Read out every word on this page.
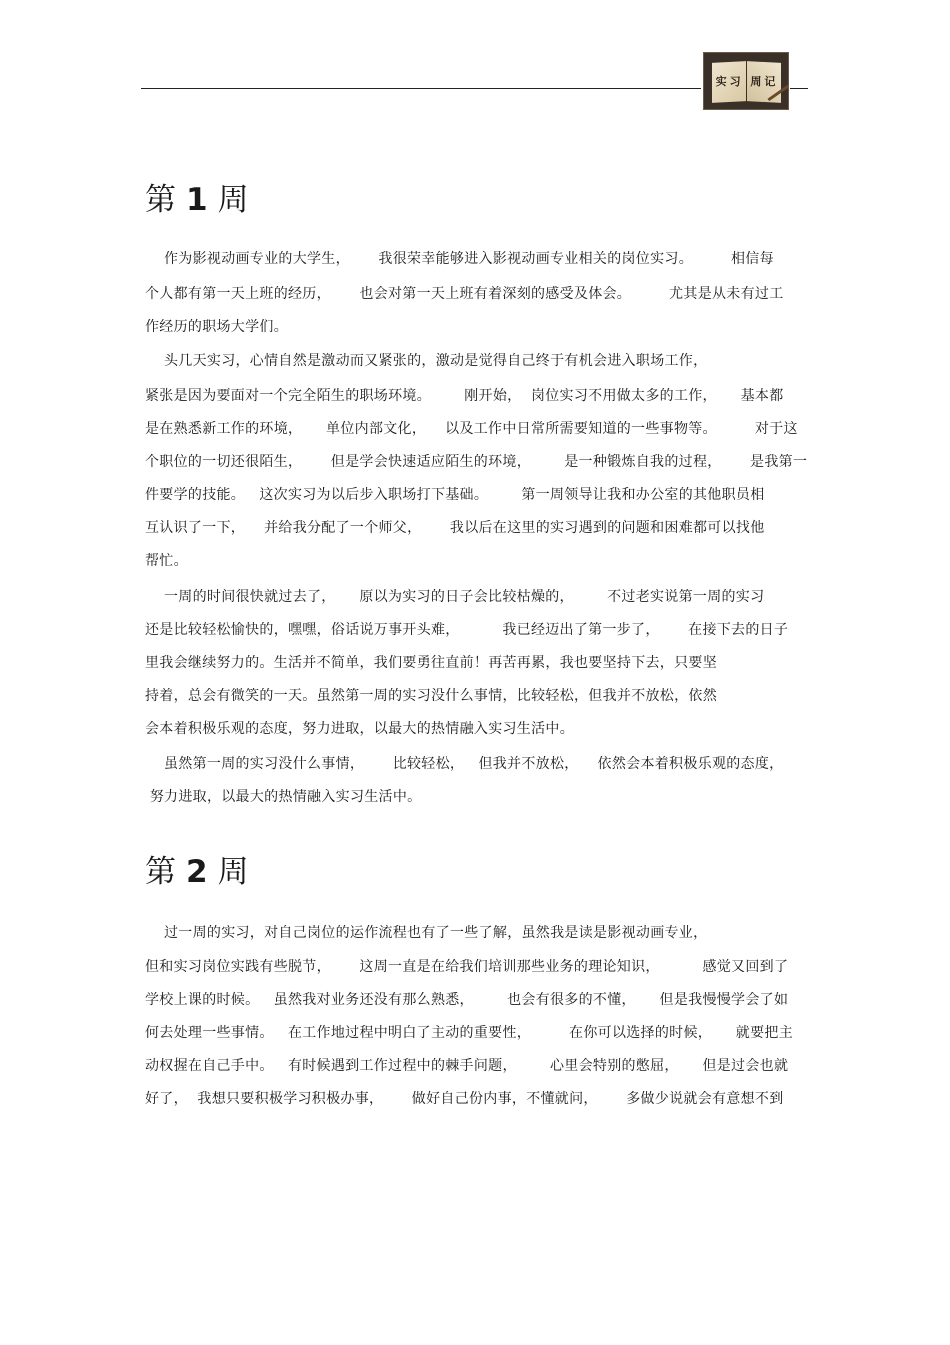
实习 周记
第 1 周

作为影视动画专业的大学生，      我很荣幸能够进入影视动画专业相关的岗位实习。        相信每

个人都有第一天上班的经历，      也会对第一天上班有着深刻的感受及体会。        尤其是从未有过工

作经历的职场大学们。

头几天实习，心情自然是激动而又紧张的，激动是觉得自己终于有机会进入职场工作，

紧张是因为要面对一个完全陌生的职场环境。       刚开始，  岗位实习不用做太多的工作，     基本都

是在熟悉新工作的环境，     单位内部文化，    以及工作中日常所需要知道的一些事物等。        对于这

个职位的一切还很陌生，      但是学会快速适应陌生的环境，       是一种锻炼自我的过程，      是我第一

件要学的技能。   这次实习为以后步入职场打下基础。       第一周领导让我和办公室的其他职员相

互认识了一下，    并给我分配了一个师父，      我以后在这里的实习遇到的问题和困难都可以找他

帮忙。

一周的时间很快就过去了，     原以为实习的日子会比较枯燥的，       不过老实说第一周的实习

还是比较轻松愉快的，嘿嘿，俗话说万事开头难，         我已经迈出了第一步了，      在接下去的日子

里我会继续努力的。生活并不简单，我们要勇往直前！再苦再累，我也要坚持下去，只要坚

持着，总会有微笑的一天。虽然第一周的实习没什么事情，比较轻松，但我并不放松，依然

会本着积极乐观的态度，努力进取，以最大的热情融入实习生活中。

虽然第一周的实习没什么事情，      比较轻松，   但我并不放松，    依然会本着积极乐观的态度，

努力进取，以最大的热情融入实习生活中。

第 2 周

过一周的实习，对自己岗位的运作流程也有了一些了解，虽然我是读是影视动画专业，

但和实习岗位实践有些脱节，      这周一直是在给我们培训那些业务的理论知识，         感觉又回到了

学校上课的时候。   虽然我对业务还没有那么熟悉，       也会有很多的不懂，     但是我慢慢学会了如

何去处理一些事情。   在工作地过程中明白了主动的重要性，        在你可以选择的时候，     就要把主

动权握在自己手中。   有时候遇到工作过程中的棘手问题，       心里会特别的憋屈，     但是过会也就

好了，  我想只要积极学习积极办事，      做好自己份内事，不懂就问，      多做少说就会有意想不到
